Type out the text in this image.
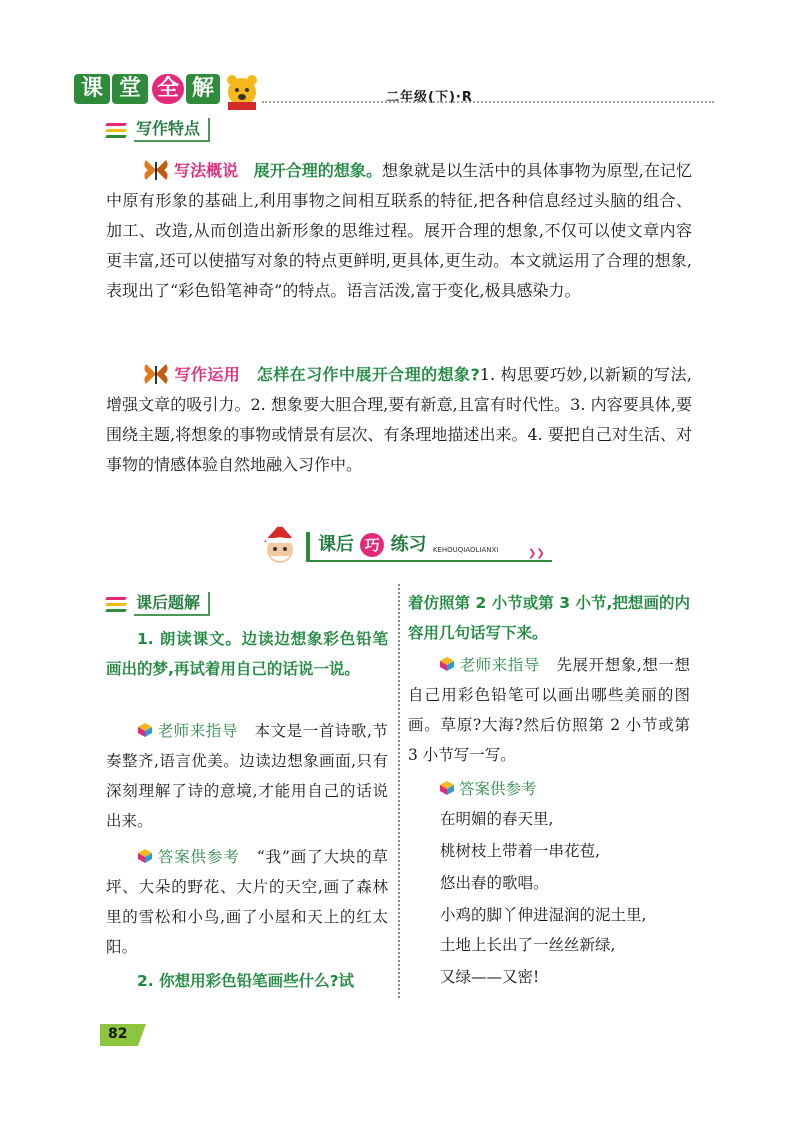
课 堂 全 解	二年级(下)·R
写作特点
写法概说 展开合理的想象。想象就是以生活中的具体事物为原型,在记忆中原有形象的基础上,利用事物之间相互联系的特征,把各种信息经过头脑的组合、加工、改造,从而创造出新形象的思维过程。展开合理的想象,不仅可以使文章内容更丰富,还可以使描写对象的特点更鲜明,更具体,更生动。本文就运用了合理的想象,表现出了“彩色铅笔神奇”的特点。语言活泼,富于变化,极具感染力。
写作运用 怎样在习作中展开合理的想象?1. 构思要巧妙,以新颖的写法,增强文章的吸引力。2. 想象要大胆合理,要有新意,且富有时代性。3. 内容要具体,要围绕主题,将想象的事物或情景有层次、有条理地描述出来。4. 要把自己对生活、对事物的情感体验自然地融入习作中。
课后 巧 练习 KEHOUQIAOLIANXI	❯❯
课后题解
1. 朗读课文。边读边想象彩色铅笔画出的梦,再试着用自己的话说一说。
老师来指导 本文是一首诗歌,节奏整齐,语言优美。边读边想象画面,只有深刻理解了诗的意境,才能用自己的话说出来。
答案供参考 “我”画了大块的草坪、大朵的野花、大片的天空,画了森林里的雪松和小鸟,画了小屋和天上的红太阳。
2. 你想用彩色铅笔画些什么?试
着仿照第 2 小节或第 3 小节,把想画的内容用几句话写下来。
老师来指导 先展开想象,想一想自己用彩色铅笔可以画出哪些美丽的图画。草原?大海?然后仿照第 2 小节或第 3 小节写一写。
答案供参考
在明媚的春天里,
桃树枝上带着一串花苞,
悠出春的歌唱。
小鸡的脚丫伸进湿润的泥土里,
土地上长出了一丝丝新绿,
又绿——又密!
82
